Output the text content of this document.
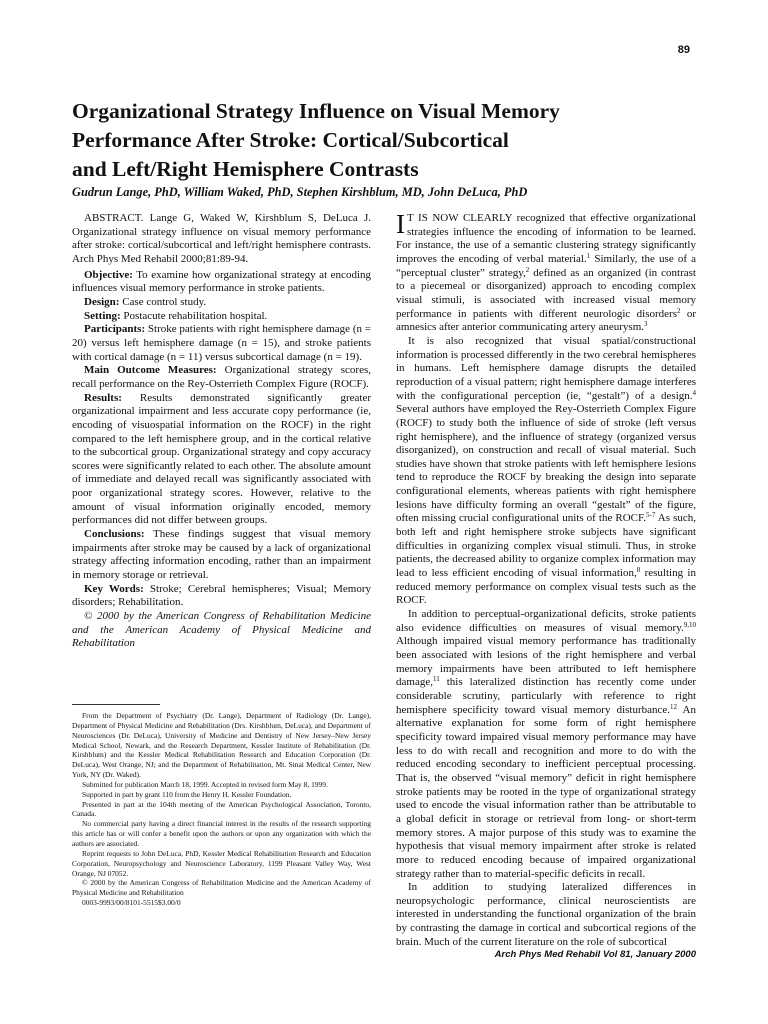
89
Organizational Strategy Influence on Visual Memory
Performance After Stroke: Cortical/Subcortical
and Left/Right Hemisphere Contrasts

Gudrun Lange, PhD, William Waked, PhD, Stephen Kirshblum, MD, John DeLuca, PhD

ABSTRACT. Lange G, Waked W, Kirshblum S, DeLuca J. Organizational strategy influence on visual memory performance after stroke: cortical/subcortical and left/right hemisphere contrasts. Arch Phys Med Rehabil 2000;81:89-94.

Objective: To examine how organizational strategy at encoding influences visual memory performance in stroke patients.

Design: Case control study.

Setting: Postacute rehabilitation hospital.

Participants: Stroke patients with right hemisphere damage (n = 20) versus left hemisphere damage (n = 15), and stroke patients with cortical damage (n = 11) versus subcortical damage (n = 19).

Main Outcome Measures: Organizational strategy scores, recall performance on the Rey-Osterrieth Complex Figure (ROCF).

Results: Results demonstrated significantly greater organizational impairment and less accurate copy performance (ie, encoding of visuospatial information on the ROCF) in the right compared to the left hemisphere group, and in the cortical relative to the subcortical group. Organizational strategy and copy accuracy scores were significantly related to each other. The absolute amount of immediate and delayed recall was significantly associated with poor organizational strategy scores. However, relative to the amount of visual information originally encoded, memory performances did not differ between groups.

Conclusions: These findings suggest that visual memory impairments after stroke may be caused by a lack of organizational strategy affecting information encoding, rather than an impairment in memory storage or retrieval.

Key Words: Stroke; Cerebral hemispheres; Visual; Memory disorders; Rehabilitation.

© 2000 by the American Congress of Rehabilitation Medicine and the American Academy of Physical Medicine and Rehabilitation

From the Department of Psychiatry (Dr. Lange), Department of Radiology (Dr. Lange), Department of Physical Medicine and Rehabilitation (Drs. Kirshblum, DeLuca), and Department of Neurosciences (Dr. DeLuca), University of Medicine and Dentistry of New Jersey–New Jersey Medical School, Newark, and the Research Department, Kessler Institute of Rehabilitation (Dr. Kirshblum) and the Kessler Medical Rehabilitation Research and Education Corporation (Dr. DeLuca), West Orange, NJ; and the Department of Rehabilitation, Mt. Sinai Medical Center, New York, NY (Dr. Waked).

Submitted for publication March 18, 1999. Accepted in revised form May 8, 1999.

Supported in part by grant 110 from the Henry H. Kessler Foundation.

Presented in part at the 104th meeting of the American Psychological Association, Toronto, Canada.

No commercial party having a direct financial interest in the results of the research supporting this article has or will confer a benefit upon the authors or upon any organization with which the authors are associated.

Reprint requests to John DeLuca, PhD, Kessler Medical Rehabilitation Research and Education Corporation, Neuropsychology and Neuroscience Laboratory, 1199 Pleasant Valley Way, West Orange, NJ 07052.

© 2000 by the American Congress of Rehabilitation Medicine and the American Academy of Physical Medicine and Rehabilitation

0003-9993/00/8101-5515$3.00/0

I T IS NOW CLEARLY recognized that effective organizational strategies influence the encoding of information to be learned. For instance, the use of a semantic clustering strategy significantly improves the encoding of verbal material.$^1$ Similarly, the use of a “perceptual cluster” strategy,$^2$ defined as an organized (in contrast to a piecemeal or disorganized) approach to encoding complex visual stimuli, is associated with increased visual memory performance in patients with different neurologic disorders$^2$ or amnesics after anterior communicating artery aneurysm.$^3$

It is also recognized that visual spatial/constructional information is processed differently in the two cerebral hemispheres in humans. Left hemisphere damage disrupts the detailed reproduction of a visual pattern; right hemisphere damage interferes with the configurational perception (ie, “gestalt”) of a design.$^4$ Several authors have employed the Rey-Osterrieth Complex Figure (ROCF) to study both the influence of side of stroke (left versus right hemisphere), and the influence of strategy (organized versus disorganized), on construction and recall of visual material. Such studies have shown that stroke patients with left hemisphere lesions tend to reproduce the ROCF by breaking the design into separate configurational elements, whereas patients with right hemisphere lesions have difficulty forming an overall “gestalt” of the figure, often missing crucial configurational units of the ROCF.$^{5-7}$ As such, both left and right hemisphere stroke subjects have significant difficulties in organizing complex visual stimuli. Thus, in stroke patients, the decreased ability to organize complex information may lead to less efficient encoding of visual information,$^8$ resulting in reduced memory performance on complex visual tests such as the ROCF.

In addition to perceptual-organizational deficits, stroke patients also evidence difficulties on measures of visual memory.$^{9,10}$ Although impaired visual memory performance has traditionally been associated with lesions of the right hemisphere and verbal memory impairments have been attributed to left hemisphere damage,$^{11}$ this lateralized distinction has recently come under considerable scrutiny, particularly with reference to right hemisphere specificity toward visual memory disturbance.$^{12}$ An alternative explanation for some form of right hemisphere specificity toward impaired visual memory performance may have less to do with recall and recognition and more to do with the reduced encoding secondary to inefficient perceptual processing. That is, the observed “visual memory” deficit in right hemisphere stroke patients may be rooted in the type of organizational strategy used to encode the visual information rather than be attributable to a global deficit in storage or retrieval from long- or short-term memory stores. A major purpose of this study was to examine the hypothesis that visual memory impairment after stroke is related more to reduced encoding because of impaired organizational strategy rather than to material-specific deficits in recall.

In addition to studying lateralized differences in neuropsychologic performance, clinical neuroscientists are interested in understanding the functional organization of the brain by contrasting the damage in cortical and subcortical regions of the brain. Much of the current literature on the role of subcortical

Arch Phys Med Rehabil Vol 81, January 2000
